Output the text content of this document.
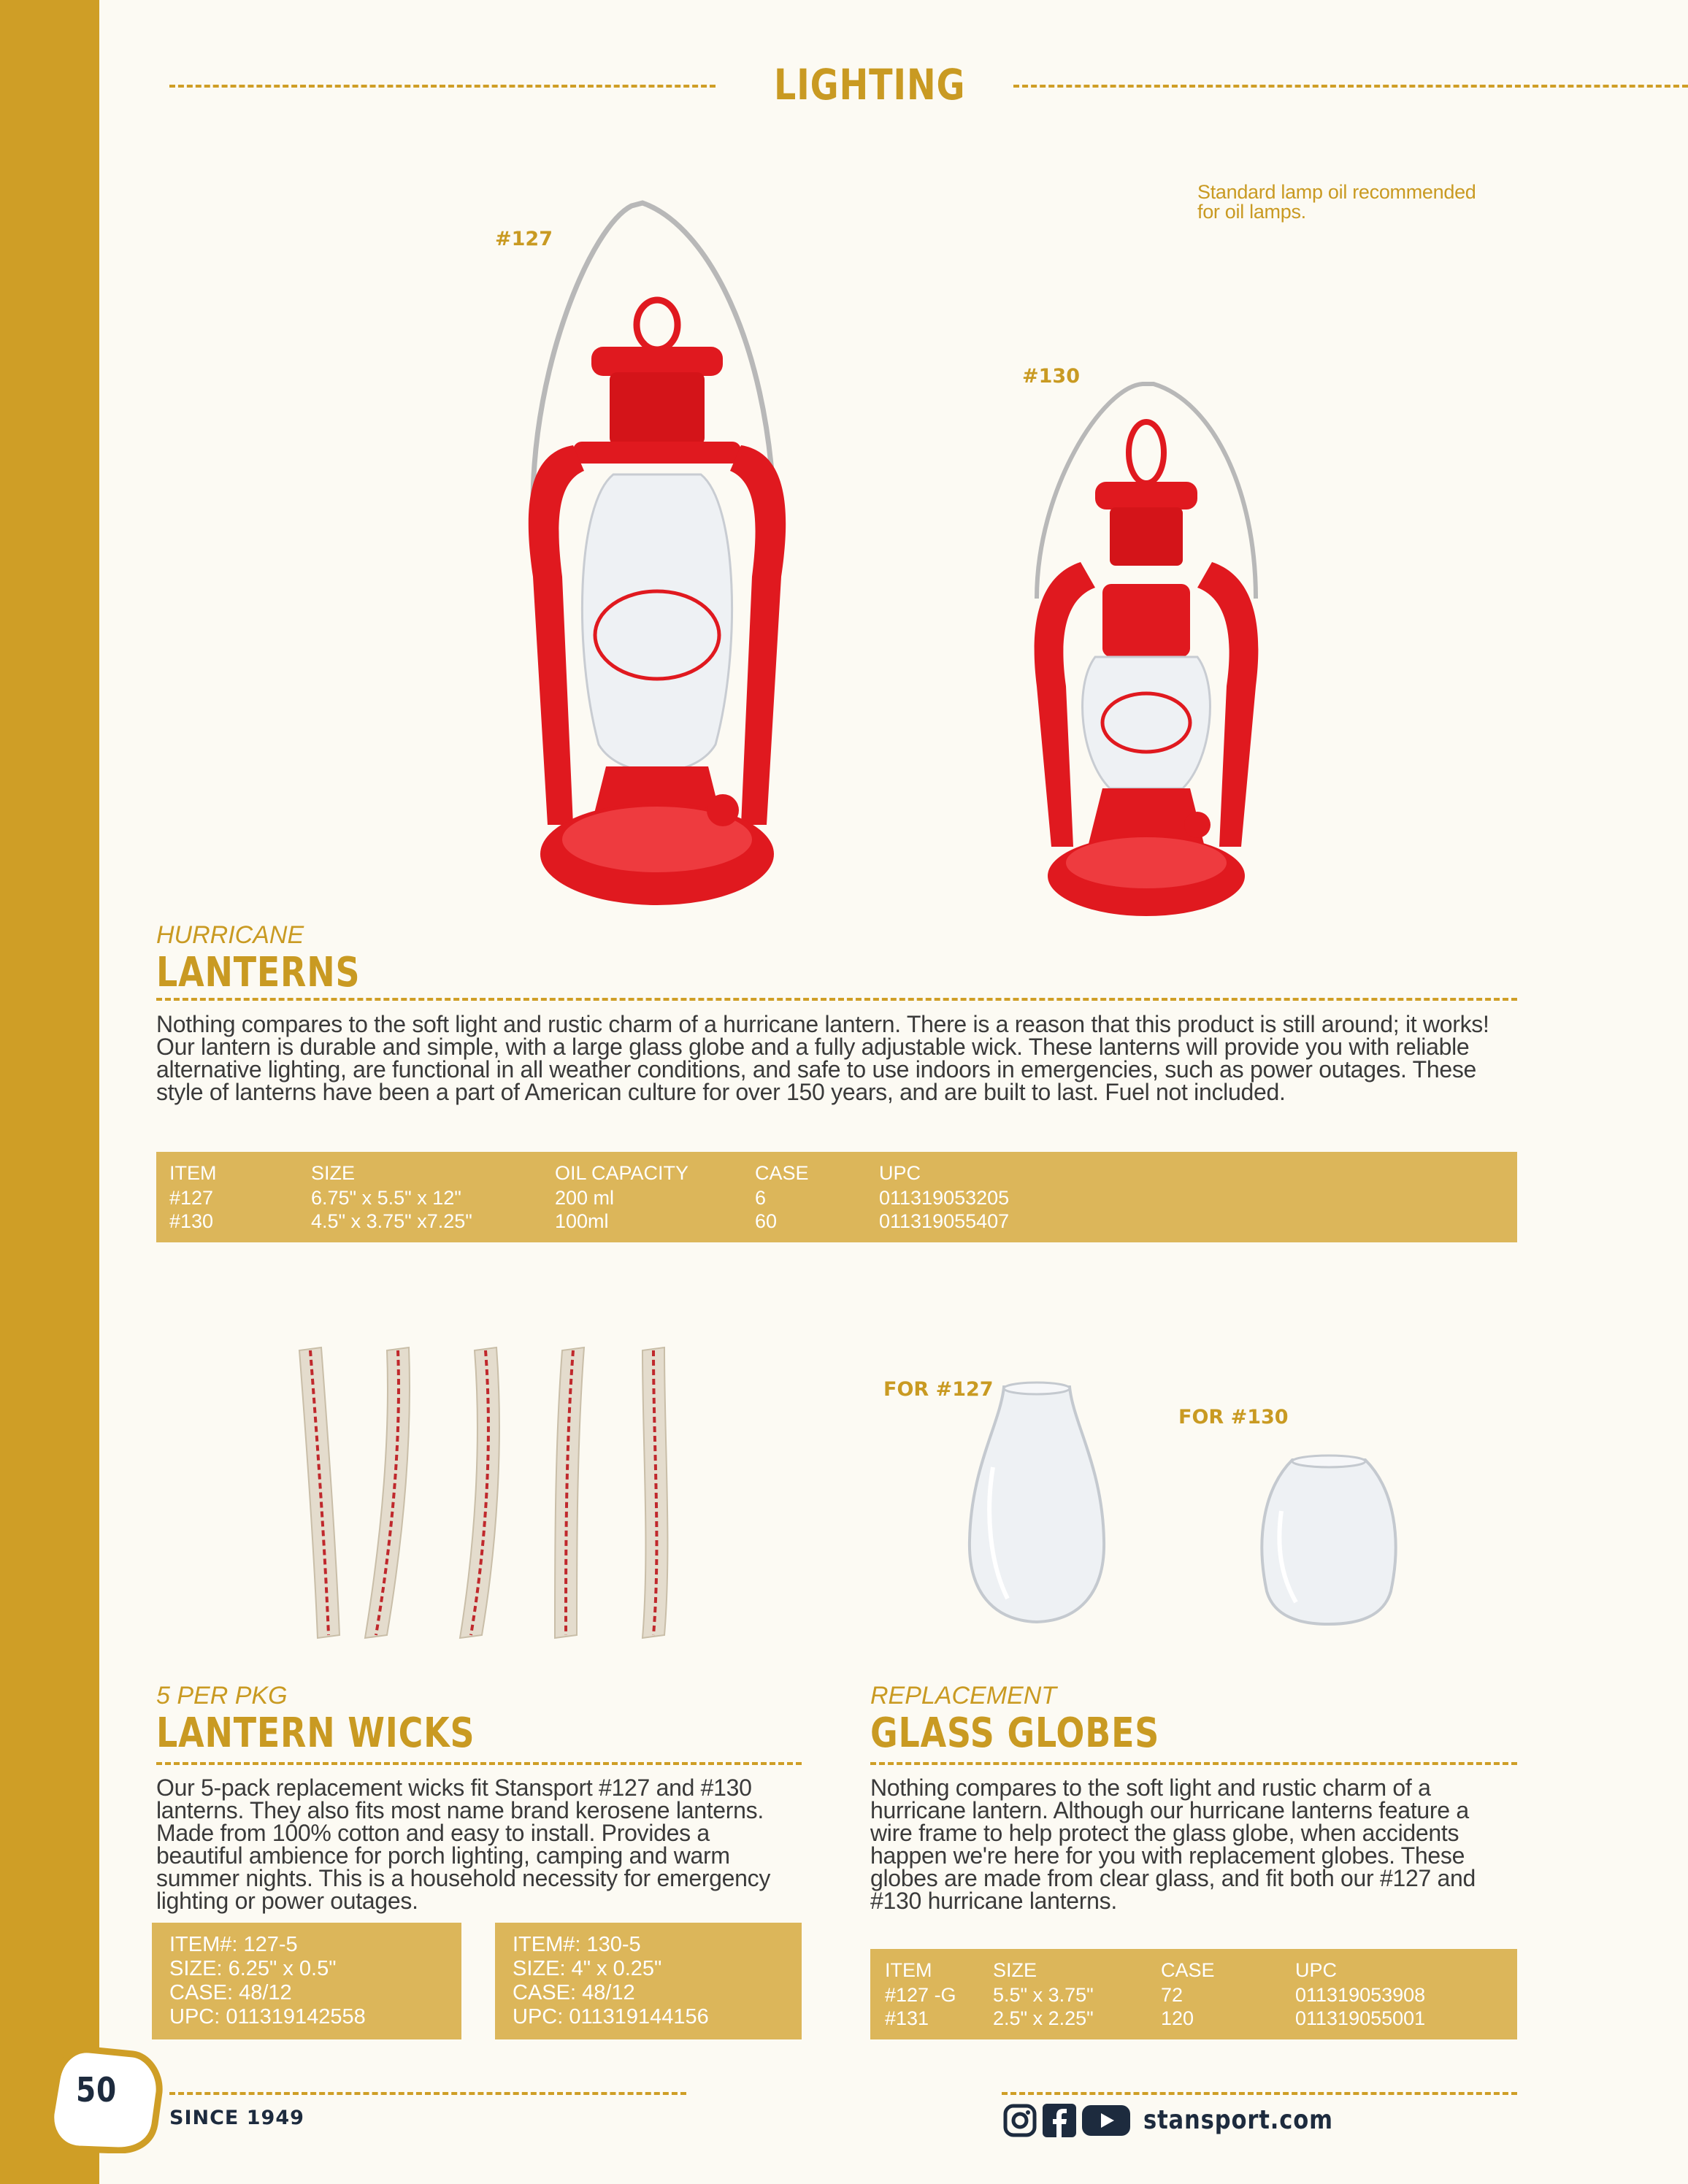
LIGHTING
Standard lamp oil recommended
for oil lamps.
#127
#130
HURRICANE
LANTERNS
Nothing compares to the soft light and rustic charm of a hurricane lantern. There is a reason that this product is still around; it works!
Our lantern is durable and simple, with a large glass globe and a fully adjustable wick. These lanterns will provide you with reliable
alternative lighting, are functional in all weather conditions, and safe to use indoors in emergencies, such as power outages. These
style of lanterns have been a part of American culture for over 150 years, and are built to last. Fuel not included.
ITEM	SIZE	OIL CAPACITY	CASE	UPC
#127	6.75" x 5.5" x 12"	200 ml	6	011319053205
#130	4.5" x 3.75" x7.25"	100ml	60	011319055407
FOR #127
FOR #130
5 PER PKG
LANTERN WICKS
Our 5-pack replacement wicks fit Stansport #127 and #130
lanterns. They also fits most name brand kerosene lanterns.
Made from 100% cotton and easy to install. Provides a
beautiful ambience for porch lighting, camping and warm
summer nights. This is a household necessity for emergency
lighting or power outages.
ITEM#: 127-5
SIZE: 6.25" x 0.5"
CASE: 48/12
UPC: 011319142558
ITEM#: 130-5
SIZE: 4" x 0.25"
CASE: 48/12
UPC: 011319144156
REPLACEMENT
GLASS GLOBES
Nothing compares to the soft light and rustic charm of a
hurricane lantern. Although our hurricane lanterns feature a
wire frame to help protect the glass globe, when accidents
happen we're here for you with replacement globes. These
globes are made from clear glass, and fit both our #127 and
#130 hurricane lanterns.
ITEM	SIZE	CASE	UPC
#127 -G 5.5" x 3.75"	72	011319053908
#131	2.5" x 2.25"	120	011319055001
50
SINCE 1949	stansport.com
